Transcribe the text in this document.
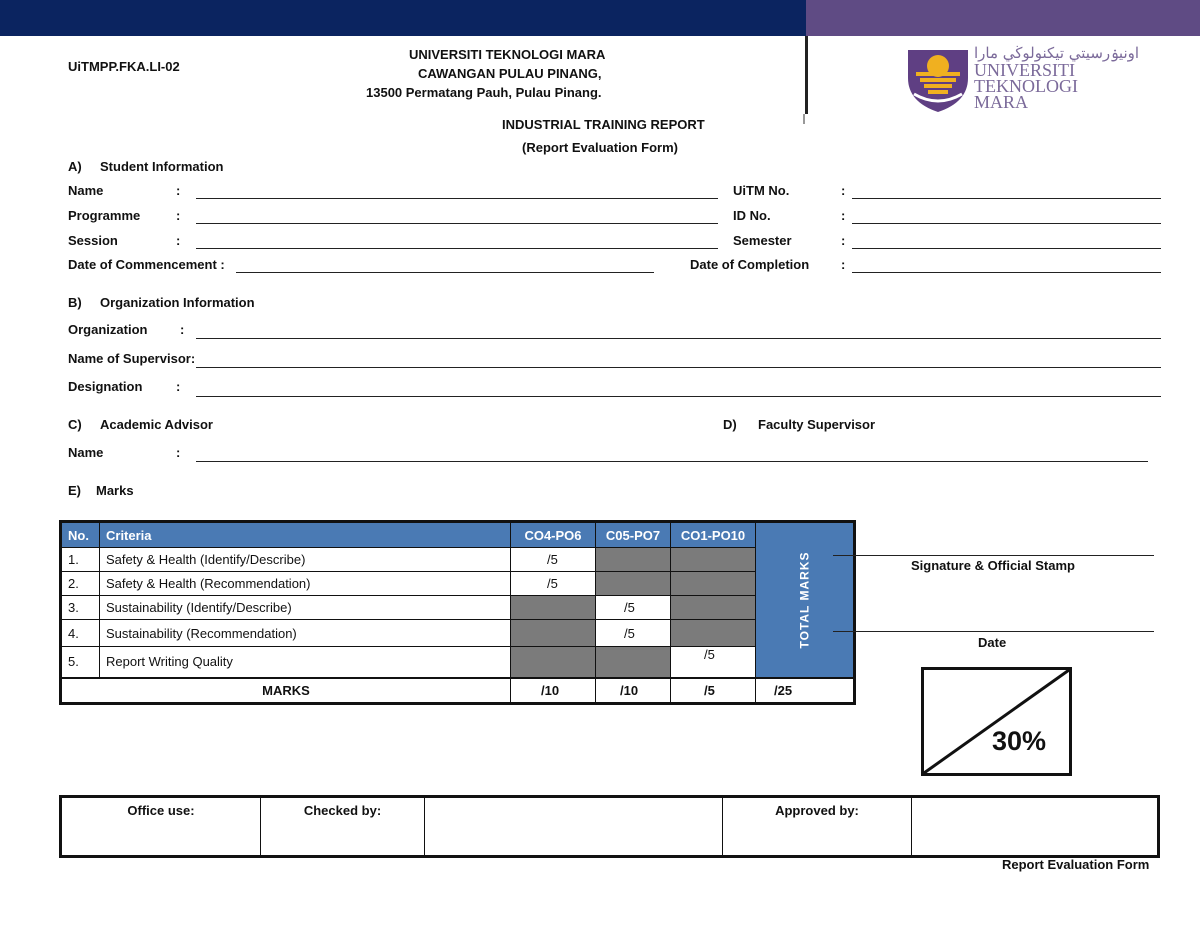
UiTMPP.FKA.LI-02
UNIVERSITI TEKNOLOGI MARA
CAWANGAN PULAU PINANG,
13500 Permatang Pauh, Pulau Pinang.
اونيۏرسيتي تيكنولوڬي مارا
UNIVERSITI
TEKNOLOGI
MARA
INDUSTRIAL TRAINING REPORT
(Report Evaluation Form)
A) Student Information
Name	:	UiTM No.	:
Programme	:	ID No.	:
Session	:	Semester	:
Date of Commencement :	Date of Completion :
B) Organization Information
Organization	:
Name of Supervisor:
Designation	:
C) Academic Advisor	D) Faculty Supervisor
Name	:
E) Marks
No.	Criteria	CO4-PO6	C05-PO7	CO1-PO10	TOTAL MARKS
1.	Safety & Health (Identify/Describe)	/5			
2.	Safety & Health (Recommendation)	/5			
3.	Sustainability (Identify/Describe)		/5		
4.	Sustainability (Recommendation)		/5		
5.	Report Writing Quality			/5	
MARKS		/10	/10	/5	/25
Signature & Official Stamp
Date
30%
Office use:	Checked by:		Approved by:	
Report Evaluation Form
